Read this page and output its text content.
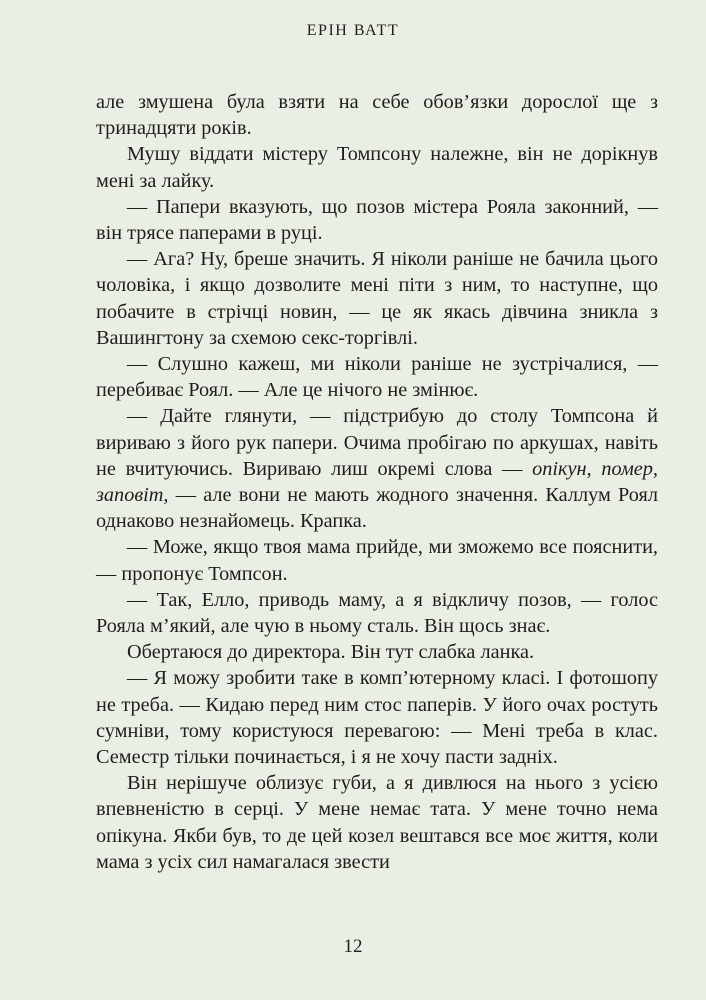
ЕРІН ВАТТ

але змушена була взяти на себе обов’язки дорослої ще з тринадцяти років.

Мушу віддати містеру Томпсону належне, він не дорікнув мені за лайку.

— Папери вказують, що позов містера Рояла законний, — він трясе паперами в руці.

— Ага? Ну, бреше значить. Я ніколи раніше не бачила цього чоловіка, і якщо дозволите мені піти з ним, то наступне, що побачите в стрічці новин, — це як якась дівчина зникла з Вашингтону за схемою секс-торгівлі.

— Слушно кажеш, ми ніколи раніше не зустрічалися, — перебиває Роял. — Але це нічого не змінює.

— Дайте глянути, — підстрибую до столу Томпсона й вириваю з його рук папери. Очима пробігаю по аркушах, навіть не вчитуючись. Вириваю лиш окремі слова — опікун, помер, заповіт, — але вони не мають жодного значення. Каллум Роял однаково незнайомець. Крапка.

— Може, якщо твоя мама прийде, ми зможемо все пояснити, — пропонує Томпсон.

— Так, Елло, приводь маму, а я відкличу позов, — голос Рояла м’який, але чую в ньому сталь. Він щось знає.

Обертаюся до директора. Він тут слабка ланка.

— Я можу зробити таке в комп’ютерному класі. І фотошопу не треба. — Кидаю перед ним стос паперів. У його очах ростуть сумніви, тому користуюся перевагою: — Мені треба в клас. Семестр тільки починається, і я не хочу пасти задніх.

Він нерішуче облизує губи, а я дивлюся на нього з усією впевненістю в серці. У мене немає тата. У мене точно нема опікуна. Якби був, то де цей козел вештався все моє життя, коли мама з усіх сил намагалася звести

12
